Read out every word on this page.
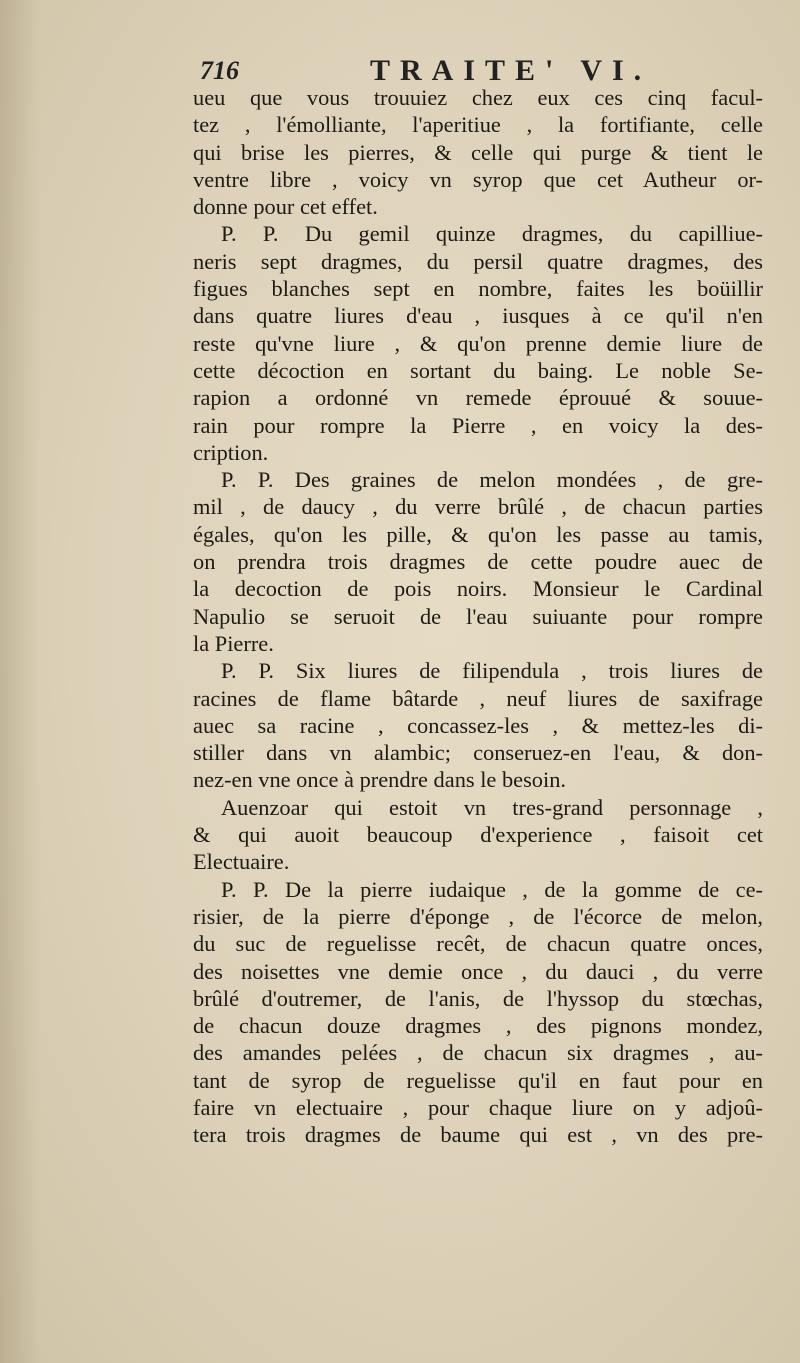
716	TRAITE' VI.
ueu que vous trouuiez chez eux ces cinq facul-
tez , l'émolliante, l'aperitiue , la fortifiante, celle
qui brise les pierres, & celle qui purge & tient le
ventre libre , voicy vn syrop que cet Autheur or-
donne pour cet effet.
P. P. Du gemil quinze dragmes, du capilliue-
neris sept dragmes, du persil quatre dragmes, des
figues blanches sept en nombre, faites les boüillir
dans quatre liures d'eau , iusques à ce qu'il n'en
reste qu'vne liure , & qu'on prenne demie liure de
cette décoction en sortant du baing. Le noble Se-
rapion a ordonné vn remede éprouué & souue-
rain pour rompre la Pierre , en voicy la des-
cription.
P. P. Des graines de melon mondées , de gre-
mil , de daucy , du verre brûlé , de chacun parties
égales, qu'on les pille, & qu'on les passe au tamis,
on prendra trois dragmes de cette poudre auec de
la decoction de pois noirs. Monsieur le Cardinal
Napulio se seruoit de l'eau suiuante pour rompre
la Pierre.
P. P. Six liures de filipendula , trois liures de
racines de flame bâtarde , neuf liures de saxifrage
auec sa racine , concassez-les , & mettez-les di-
stiller dans vn alambic; conseruez-en l'eau, & don-
nez-en vne once à prendre dans le besoin.
Auenzoar qui estoit vn tres-grand personnage ,
& qui auoit beaucoup d'experience , faisoit cet
Electuaire.
P. P. De la pierre iudaique , de la gomme de ce-
risier, de la pierre d'éponge , de l'écorce de melon,
du suc de reguelisse recêt, de chacun quatre onces,
des noisettes vne demie once , du dauci , du verre
brûlé d'outremer, de l'anis, de l'hyssop du stœchas,
de chacun douze dragmes , des pignons mondez,
des amandes pelées , de chacun six dragmes , au-
tant de syrop de reguelisse qu'il en faut pour en
faire vn electuaire , pour chaque liure on y adjoû-
tera trois dragmes de baume qui est , vn des pre-
